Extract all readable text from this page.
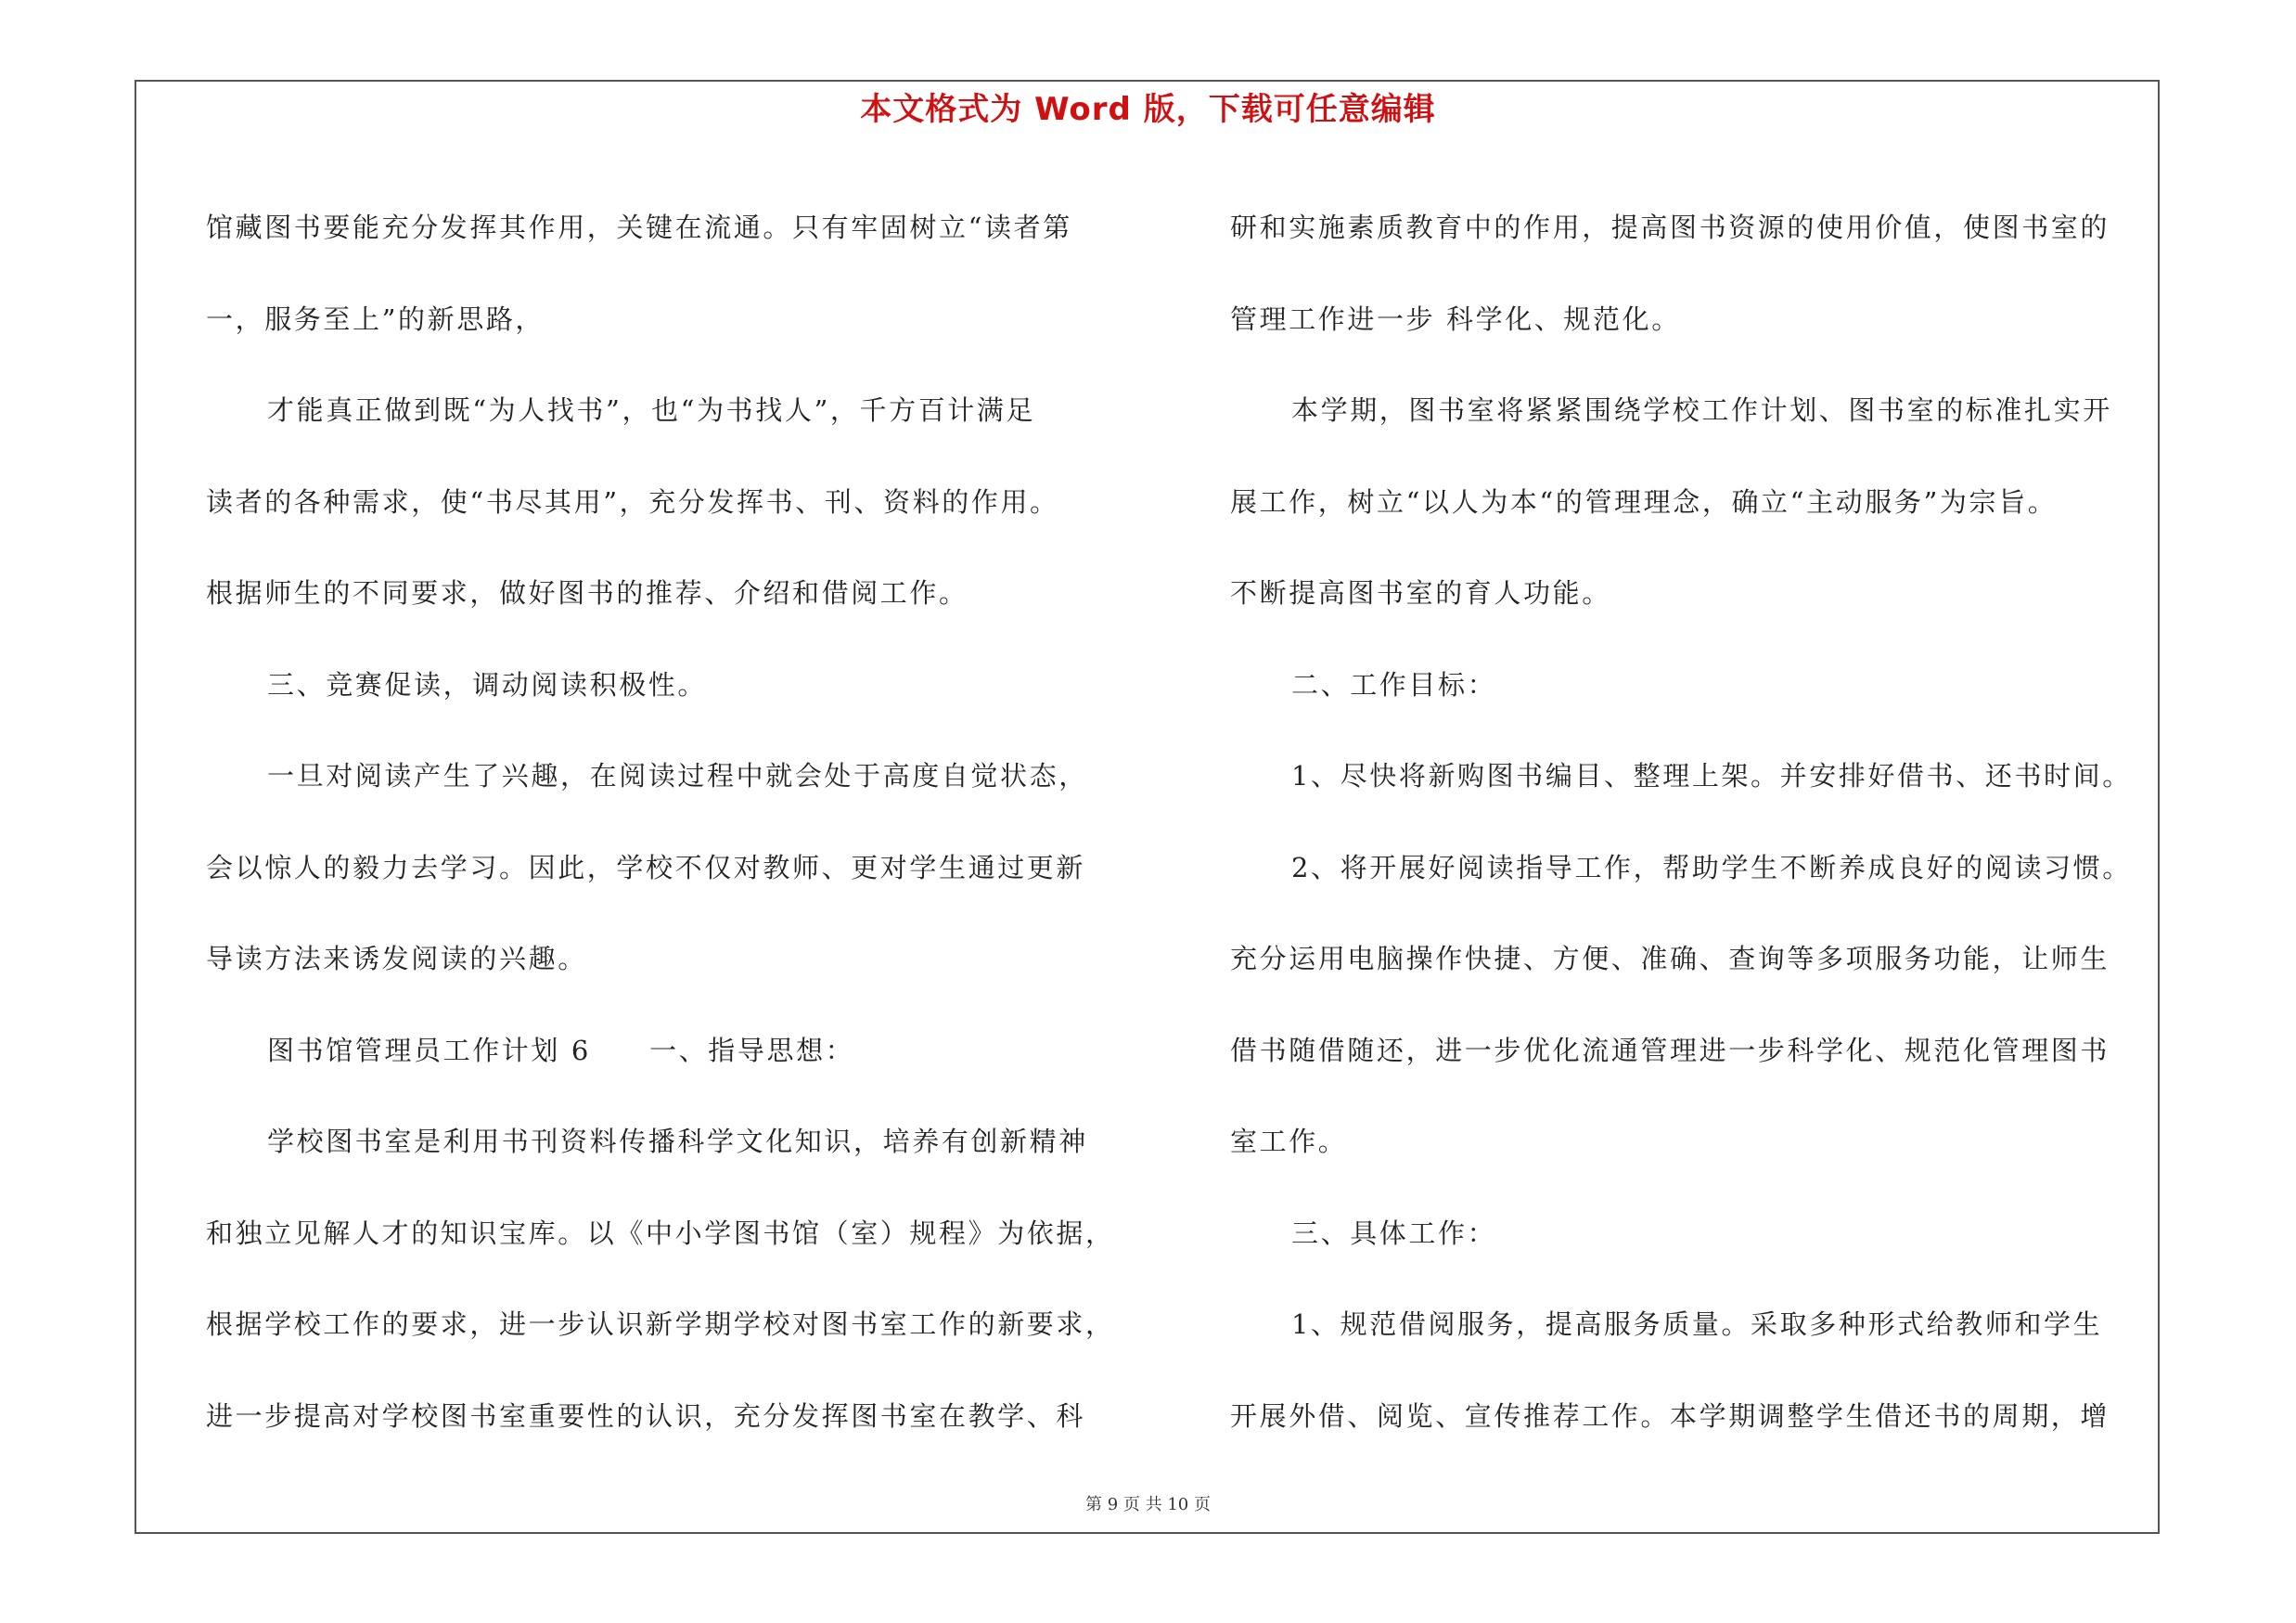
本文格式为 Word 版，下载可任意编辑

馆藏图书要能充分发挥其作用，关键在流通。只有牢固树立“读者第

一，服务至上”的新思路，

才能真正做到既“为人找书”，也“为书找人”，千方百计满足

读者的各种需求，使“书尽其用”，充分发挥书、刊、资料的作用。

根据师生的不同要求，做好图书的推荐、介绍和借阅工作。

三、竞赛促读，调动阅读积极性。

一旦对阅读产生了兴趣，在阅读过程中就会处于高度自觉状态，

会以惊人的毅力去学习。因此，学校不仅对教师、更对学生通过更新

导读方法来诱发阅读的兴趣。

图书馆管理员工作计划 6　　一、指导思想：

学校图书室是利用书刊资料传播科学文化知识，培养有创新精神

和独立见解人才的知识宝库。以《中小学图书馆（室）规程》为依据，

根据学校工作的要求，进一步认识新学期学校对图书室工作的新要求，

进一步提高对学校图书室重要性的认识，充分发挥图书室在教学、科

研和实施素质教育中的作用，提高图书资源的使用价值，使图书室的

管理工作进一步 科学化、规范化。

本学期，图书室将紧紧围绕学校工作计划、图书室的标准扎实开

展工作，树立“以人为本“的管理理念，确立“主动服务”为宗旨。

不断提高图书室的育人功能。

二、工作目标：

1、尽快将新购图书编目、整理上架。并安排好借书、还书时间。

2、将开展好阅读指导工作，帮助学生不断养成良好的阅读习惯。

充分运用电脑操作快捷、方便、准确、查询等多项服务功能，让师生

借书随借随还，进一步优化流通管理进一步科学化、规范化管理图书

室工作。

三、具体工作：

1、规范借阅服务，提高服务质量。采取多种形式给教师和学生

开展外借、阅览、宣传推荐工作。本学期调整学生借还书的周期，增

第 9 页 共 10 页
